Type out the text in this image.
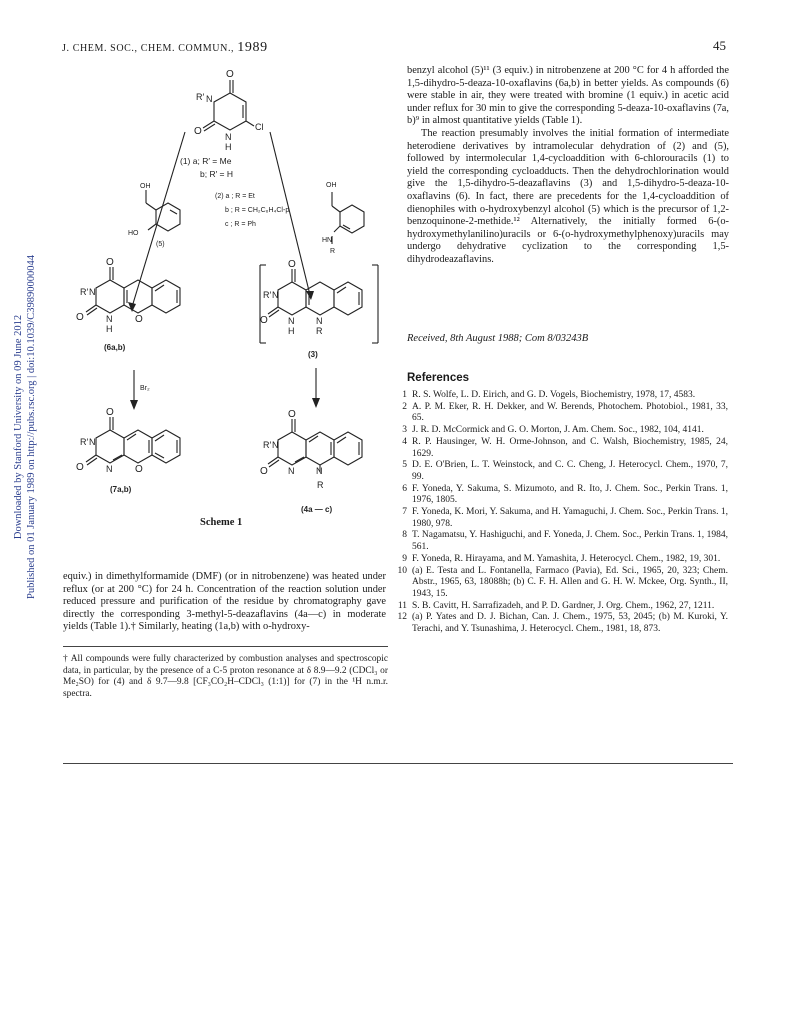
Downloaded by Stanford University on 09 June 2012 Published on 01 January 1989 on http://pubs.rsc.org | doi:10.1039/C39890000044
J. CHEM. SOC., CHEM. COMMUN., 1989	45
O
R′ N
O	N
H
Cl
(1) a; R′ = Me
b; R′ = H
(2) a ; R = Et
b ; R = CH₂C₆H₄Cl-p
c ; R = Ph
OH
HO
(5)
OH
HN
R
O
R′ N
O N
H
O
(6a,b)
O
R′ N
O N
H
N
R
(3)
Br₂
O
R′ N
O N O
(7a,b)
O
R′ N
O N N
R
(4a — c)
Scheme 1

equiv.) in dimethylformamide (DMF) (or in nitrobenzene) was heated under reflux (or at 200 °C) for 24 h. Concentration of the reaction solution under reduced pressure and purification of the residue by chromatography gave directly the corresponding 3-methyl-5-deazaflavins (4a—c) in moderate yields (Table 1).† Similarly, heating (1a,b) with o-hydroxy-

† All compounds were fully characterized by combustion analyses and spectroscopic data, in particular, by the presence of a C-5 proton resonance at δ 8.9—9.2 (CDCl₃ or Me₂SO) for (4) and δ 9.7—9.8 [CF₃CO₂H–CDCl₃ (1:1)] for (7) in the ¹H n.m.r. spectra.

benzyl alcohol (5)¹¹ (3 equiv.) in nitrobenzene at 200 °C for 4 h afforded the 1,5-dihydro-5-deaza-10-oxaflavins (6a,b) in better yields. As compounds (6) were stable in air, they were treated with bromine (1 equiv.) in acetic acid under reflux for 30 min to give the corresponding 5-deaza-10-oxaflavins (7a, b)⁹ in almost quantitative yields (Table 1).

The reaction presumably involves the initial formation of intermediate heterodiene derivatives by intramolecular dehydration of (2) and (5), followed by intermolecular 1,4-cycloaddition with 6-chlorouracils (1) to yield the corresponding cycloadducts. Then the dehydrochlorination would give the 1,5-dihydro-5-deazaflavins (3) and 1,5-dihydro-5-deaza-10-oxaflavins (6). In fact, there are precedents for the 1,4-cycloaddition of dienophiles with o-hydroxybenzyl alcohol (5) which is the precursor of 1,2-benzoquinone-2-methide.¹² Alternatively, the initially formed 6-(o-hydroxymethylanilino)uracils or 6-(o-hydroxymethylphenoxy)uracils may undergo dehydrative cyclization to the corresponding 1,5-dihydrodeazaflavins.

Received, 8th August 1988; Com 8/03243B
References
1 R. S. Wolfe, L. D. Eirich, and G. D. Vogels, Biochemistry, 1978, 17, 4583.
2 A. P. M. Eker, R. H. Dekker, and W. Berends, Photochem. Photobiol., 1981, 33, 65.
3 J. R. D. McCormick and G. O. Morton, J. Am. Chem. Soc., 1982, 104, 4141.
4 R. P. Hausinger, W. H. Orme-Johnson, and C. Walsh, Biochemistry, 1985, 24, 1629.
5 D. E. O'Brien, L. T. Weinstock, and C. C. Cheng, J. Heterocycl. Chem., 1970, 7, 99.
6 F. Yoneda, Y. Sakuma, S. Mizumoto, and R. Ito, J. Chem. Soc., Perkin Trans. 1, 1976, 1805.
7 F. Yoneda, K. Mori, Y. Sakuma, and H. Yamaguchi, J. Chem. Soc., Perkin Trans. 1, 1980, 978.
8 T. Nagamatsu, Y. Hashiguchi, and F. Yoneda, J. Chem. Soc., Perkin Trans. 1, 1984, 561.
9 F. Yoneda, R. Hirayama, and M. Yamashita, J. Heterocycl. Chem., 1982, 19, 301.
10 (a) E. Testa and L. Fontanella, Farmaco (Pavia), Ed. Sci., 1965, 20, 323; Chem. Abstr., 1965, 63, 18088h; (b) C. F. H. Allen and G. H. W. Mckee, Org. Synth., II, 1943, 15.
11 S. B. Cavitt, H. Sarrafizadeh, and P. D. Gardner, J. Org. Chem., 1962, 27, 1211.
12 (a) P. Yates and D. J. Bichan, Can. J. Chem., 1975, 53, 2045; (b) M. Kuroki, Y. Terachi, and Y. Tsunashima, J. Heterocycl. Chem., 1981, 18, 873.
